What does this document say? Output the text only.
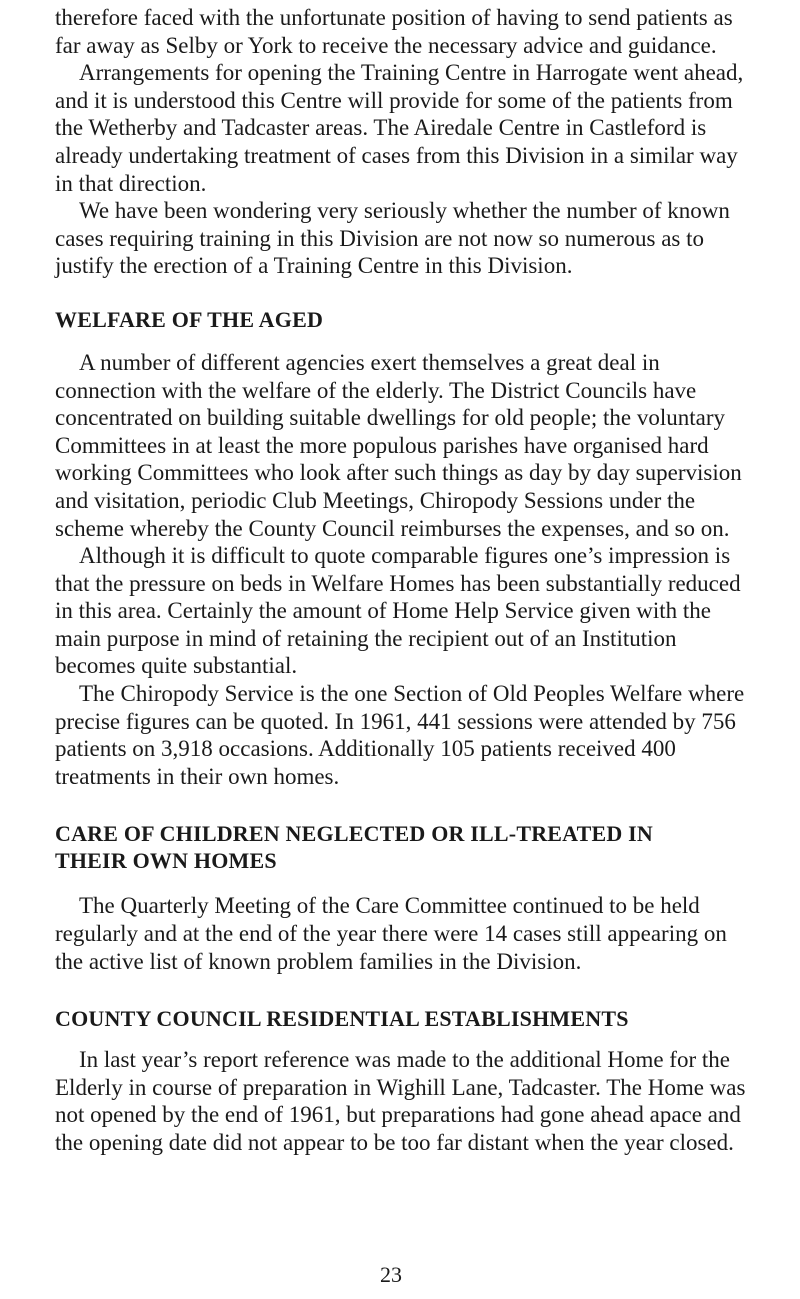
therefore faced with the unfortunate position of having to send patients as far away as Selby or York to receive the necessary advice and guidance.

Arrangements for opening the Training Centre in Harrogate went ahead, and it is understood this Centre will provide for some of the patients from the Wetherby and Tadcaster areas. The Airedale Centre in Castleford is already undertaking treatment of cases from this Division in a similar way in that direction.

We have been wondering very seriously whether the number of known cases requiring training in this Division are not now so numerous as to justify the erection of a Training Centre in this Division.

WELFARE OF THE AGED

A number of different agencies exert themselves a great deal in connection with the welfare of the elderly. The District Councils have concentrated on building suitable dwellings for old people; the voluntary Committees in at least the more populous parishes have organised hard working Committees who look after such things as day by day supervision and visitation, periodic Club Meetings, Chiropody Sessions under the scheme whereby the County Council reimburses the expenses, and so on.

Although it is difficult to quote comparable figures one’s impression is that the pressure on beds in Welfare Homes has been substantially reduced in this area. Certainly the amount of Home Help Service given with the main purpose in mind of retaining the recipient out of an Institution becomes quite substantial.

The Chiropody Service is the one Section of Old Peoples Welfare where precise figures can be quoted. In 1961, 441 sessions were attended by 756 patients on 3,918 occasions. Additionally 105 patients received 400 treatments in their own homes.

CARE OF CHILDREN NEGLECTED OR ILL-TREATED IN
THEIR OWN HOMES

The Quarterly Meeting of the Care Committee continued to be held regularly and at the end of the year there were 14 cases still appearing on the active list of known problem families in the Division.

COUNTY COUNCIL RESIDENTIAL ESTABLISHMENTS

In last year’s report reference was made to the additional Home for the Elderly in course of preparation in Wighill Lane, Tadcaster. The Home was not opened by the end of 1961, but preparations had gone ahead apace and the opening date did not appear to be too far distant when the year closed.

23
